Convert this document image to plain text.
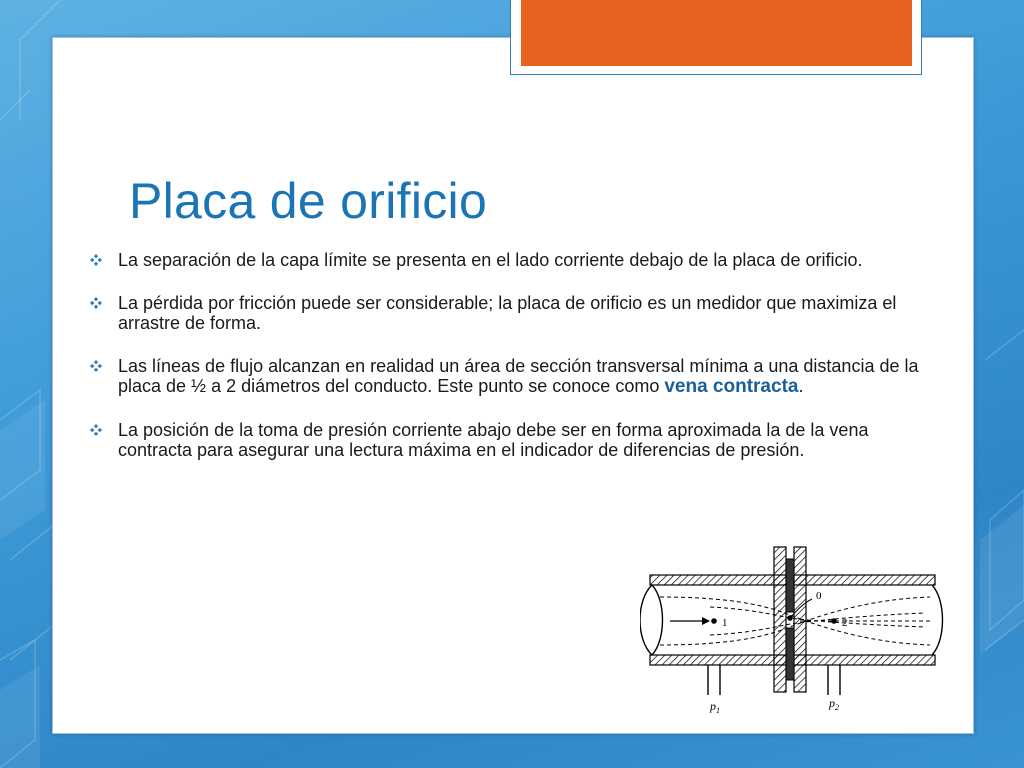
Placa de orificio
La separación de la capa límite se presenta en el lado corriente debajo de la placa de orificio.
La pérdida por fricción puede ser considerable; la placa de orificio es un medidor que maximiza el arrastre de forma.
Las líneas de flujo alcanzan en realidad un área de sección transversal mínima a una distancia de la placa de ½ a 2 diámetros del conducto. Este punto se conoce como vena contracta.
La posición de la toma de presión corriente abajo debe ser en forma aproximada la de la vena contracta para asegurar una lectura máxima en el indicador de diferencias de presión.
1
0
2
$p_1$
$p_2$
